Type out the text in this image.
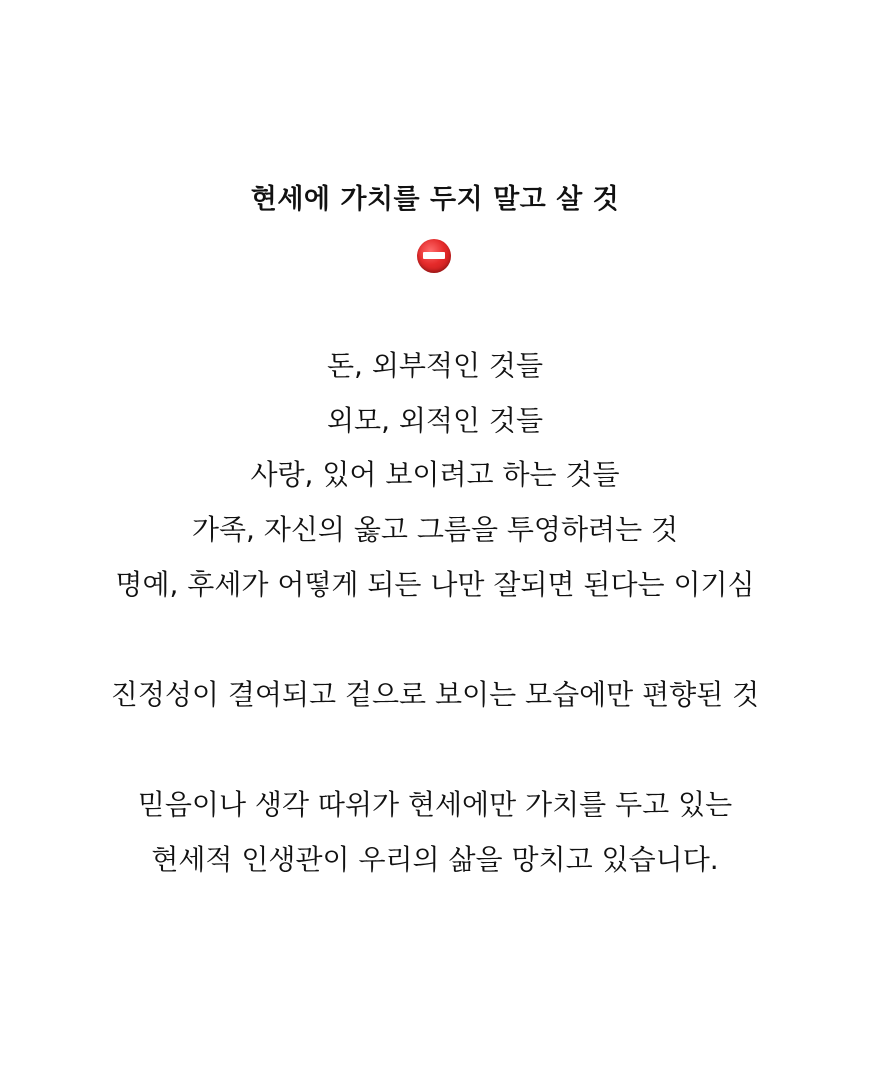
현세에 가치를 두지 말고 살 것
돈, 외부적인 것들
외모, 외적인 것들
사랑, 있어 보이려고 하는 것들
가족, 자신의 옳고 그름을 투영하려는 것
명예, 후세가 어떻게 되든 나만 잘되면 된다는 이기심
진정성이 결여되고 겉으로 보이는 모습에만 편향된 것
믿음이나 생각 따위가 현세에만 가치를 두고 있는
현세적 인생관이 우리의 삶을 망치고 있습니다.
